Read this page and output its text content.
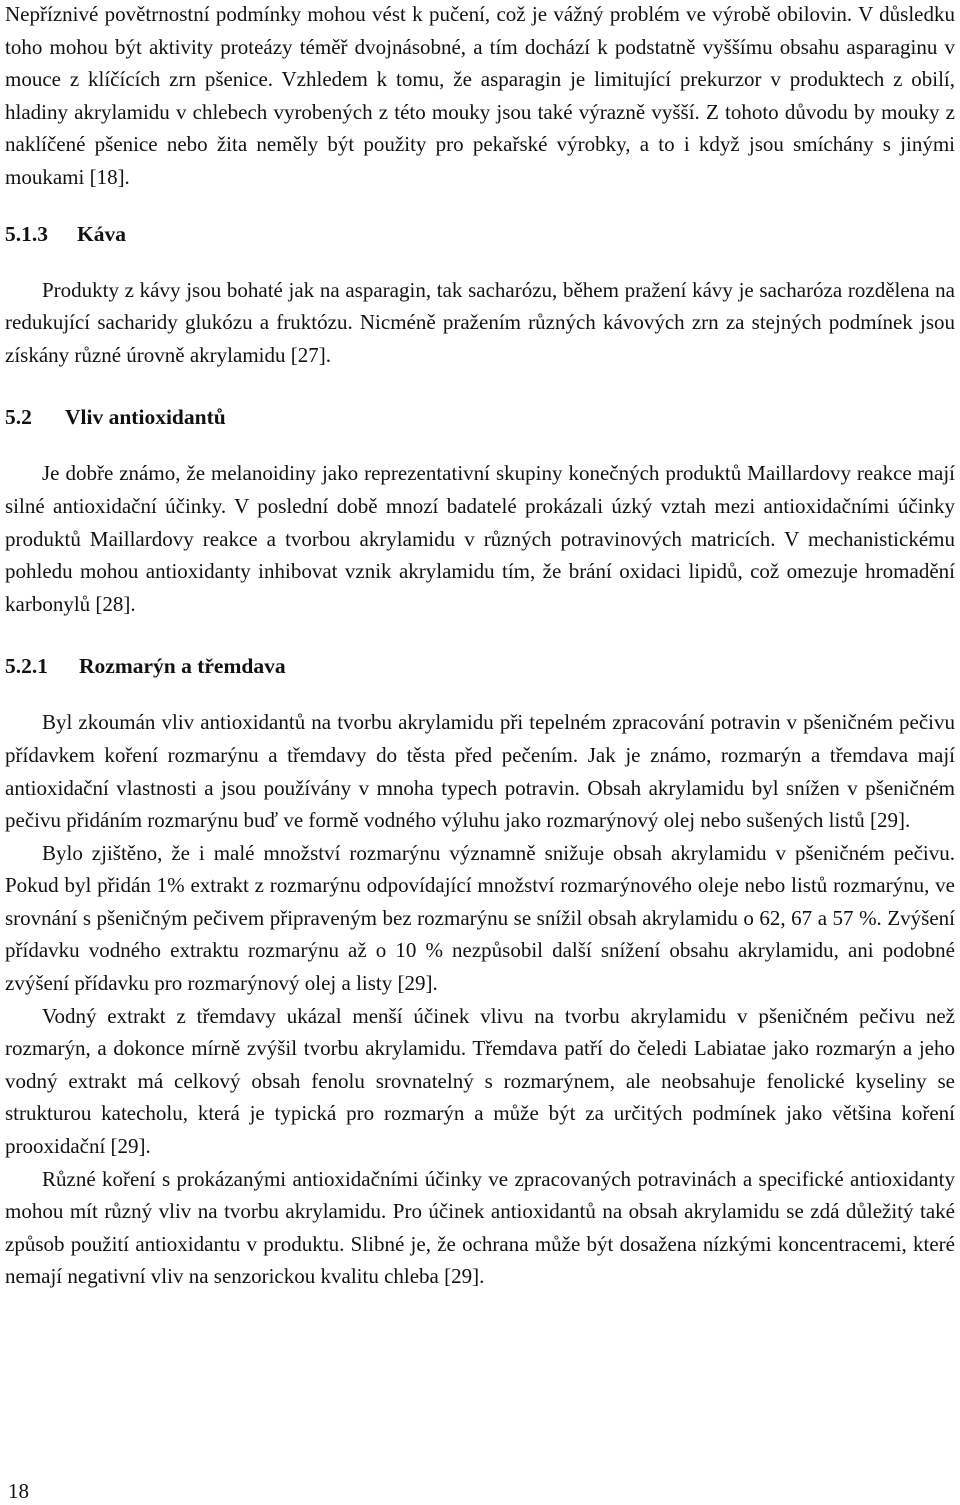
Nepříznivé povětrnostní podmínky mohou vést k pučení, což je vážný problém ve výrobě obilovin. V důsledku toho mohou být aktivity proteázy téměř dvojnásobné, a tím dochází k podstatně vyššímu obsahu asparaginu v mouce z klíčících zrn pšenice. Vzhledem k tomu, že asparagin je limitující prekurzor v produktech z obilí, hladiny akrylamidu v chlebech vyrobených z této mouky jsou také výrazně vyšší. Z tohoto důvodu by mouky z naklíčené pšenice nebo žita neměly být použity pro pekařské výrobky, a to i když jsou smíchány s jinými moukami [18].

5.1.3 Káva

Produkty z kávy jsou bohaté jak na asparagin, tak sacharózu, během pražení kávy je sacharóza rozdělena na redukující sacharidy glukózu a fruktózu. Nicméně pražením různých kávových zrn za stejných podmínek jsou získány různé úrovně akrylamidu [27].

5.2 Vliv antioxidantů

Je dobře známo, že melanoidiny jako reprezentativní skupiny konečných produktů Maillardovy reakce mají silné antioxidační účinky. V poslední době mnozí badatelé prokázali úzký vztah mezi antioxidačními účinky produktů Maillardovy reakce a tvorbou akrylamidu v různých potravinových matricích. V mechanistickému pohledu mohou antioxidanty inhibovat vznik akrylamidu tím, že brání oxidaci lipidů, což omezuje hromadění karbonylů [28].

5.2.1 Rozmarýn a třemdava

Byl zkoumán vliv antioxidantů na tvorbu akrylamidu při tepelném zpracování potravin v pšeničném pečivu přídavkem koření rozmarýnu a třemdavy do těsta před pečením. Jak je známo, rozmarýn a třemdava mají antioxidační vlastnosti a jsou používány v mnoha typech potravin. Obsah akrylamidu byl snížen v pšeničném pečivu přidáním rozmarýnu buď ve formě vodného výluhu jako rozmarýnový olej nebo sušených listů [29].

Bylo zjištěno, že i malé množství rozmarýnu významně snižuje obsah akrylamidu v pšeničném pečivu. Pokud byl přidán 1% extrakt z rozmarýnu odpovídající množství rozmarýnového oleje nebo listů rozmarýnu, ve srovnání s pšeničným pečivem připraveným bez rozmarýnu se snížil obsah akrylamidu o 62, 67 a 57 %. Zvýšení přídavku vodného extraktu rozmarýnu až o 10 % nezpůsobil další snížení obsahu akrylamidu, ani podobné zvýšení přídavku pro rozmarýnový olej a listy [29].

Vodný extrakt z třemdavy ukázal menší účinek vlivu na tvorbu akrylamidu v pšeničném pečivu než rozmarýn, a dokonce mírně zvýšil tvorbu akrylamidu. Třemdava patří do čeledi Labiatae jako rozmarýn a jeho vodný extrakt má celkový obsah fenolu srovnatelný s rozmarýnem, ale neobsahuje fenolické kyseliny se strukturou katecholu, která je typická pro rozmarýn a může být za určitých podmínek jako většina koření prooxidační [29].

Různé koření s prokázanými antioxidačními účinky ve zpracovaných potravinách a specifické antioxidanty mohou mít různý vliv na tvorbu akrylamidu. Pro účinek antioxidantů na obsah akrylamidu se zdá důležitý také způsob použití antioxidantu v produktu. Slibné je, že ochrana může být dosažena nízkými koncentracemi, které nemají negativní vliv na senzorickou kvalitu chleba [29].

18
